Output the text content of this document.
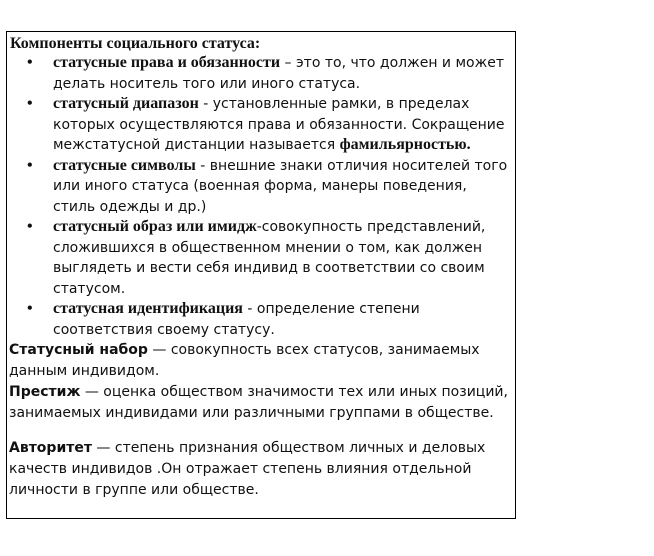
Компоненты социального статуса:
• статусные права и обязанности – это то, что должен и может делать носитель того или иного статуса.
• статусный диапазон - установленные рамки, в пределах которых осуществляются права и обязанности. Сокращение межстатусной дистанции называется фамильярностью.
• статусные символы - внешние знаки отличия носителей того или иного статуса (военная форма, манеры поведения, стиль одежды и др.)
• статусный образ или имидж-совокупность представлений, сложившихся в общественном мнении о том, как должен выглядеть и вести себя индивид в соответствии со своим статусом.
• статусная идентификация - определение степени соответствия своему статусу.

Статусный набор — совокупность всех статусов, занимаемых данным индивидом.

Престиж — оценка обществом значимости тех или иных позиций, занимаемых индивидами или различными группами в обществе.

Авторитет — степень признания обществом личных и деловых качеств индивидов .Он отражает степень влияния отдельной личности в группе или обществе.
